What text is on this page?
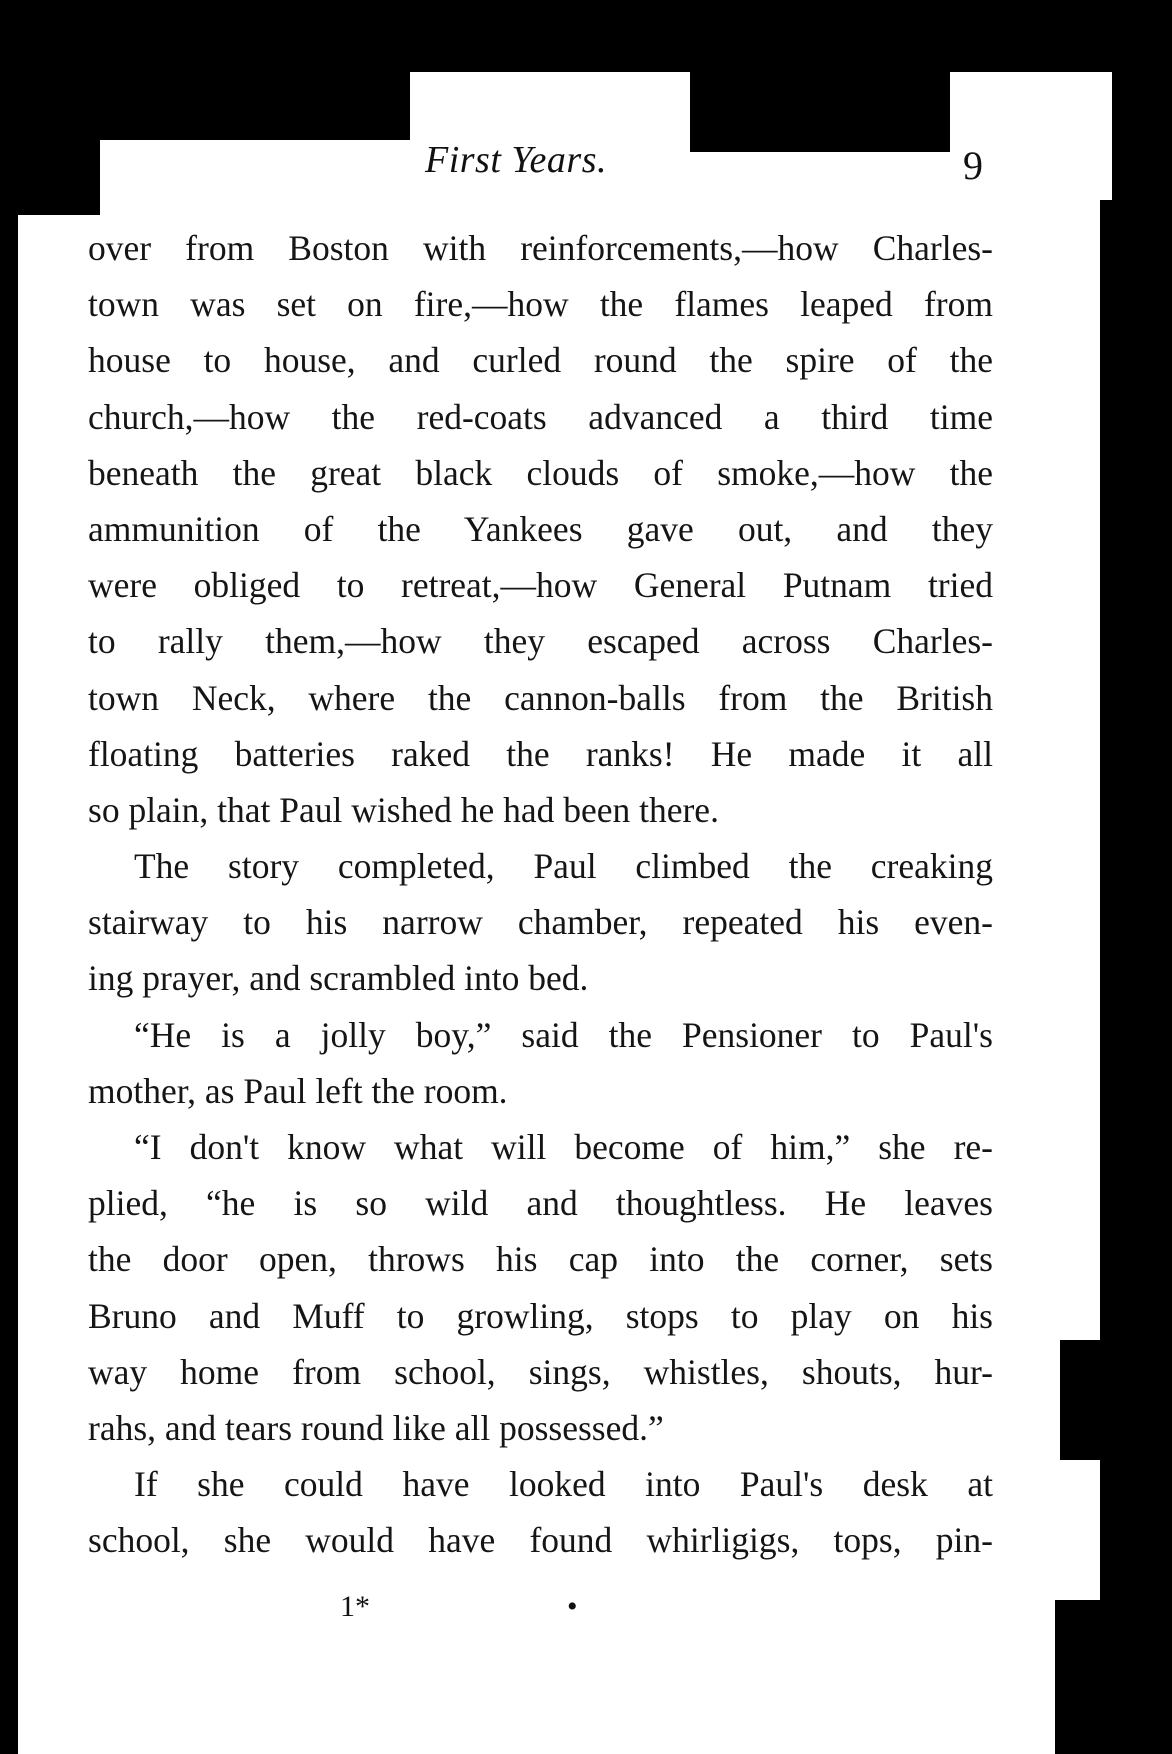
First Years.	9
over from Boston with reinforcements,—how Charles-
town was set on fire,—how the flames leaped from
house to house, and curled round the spire of the
church,—how the red-coats advanced a third time
beneath the great black clouds of smoke,—how the
ammunition of the Yankees gave out, and they
were obliged to retreat,—how General Putnam tried
to rally them,—how they escaped across Charles-
town Neck, where the cannon-balls from the British
floating batteries raked the ranks! He made it all
so plain, that Paul wished he had been there.
The story completed, Paul climbed the creaking
stairway to his narrow chamber, repeated his even-
ing prayer, and scrambled into bed.
“He is a jolly boy,” said the Pensioner to Paul's
mother, as Paul left the room.
“I don't know what will become of him,” she re-
plied, “he is so wild and thoughtless. He leaves
the door open, throws his cap into the corner, sets
Bruno and Muff to growling, stops to play on his
way home from school, sings, whistles, shouts, hur-
rahs, and tears round like all possessed.”
If she could have looked into Paul's desk at
school, she would have found whirligigs, tops, pin-
1*	•
